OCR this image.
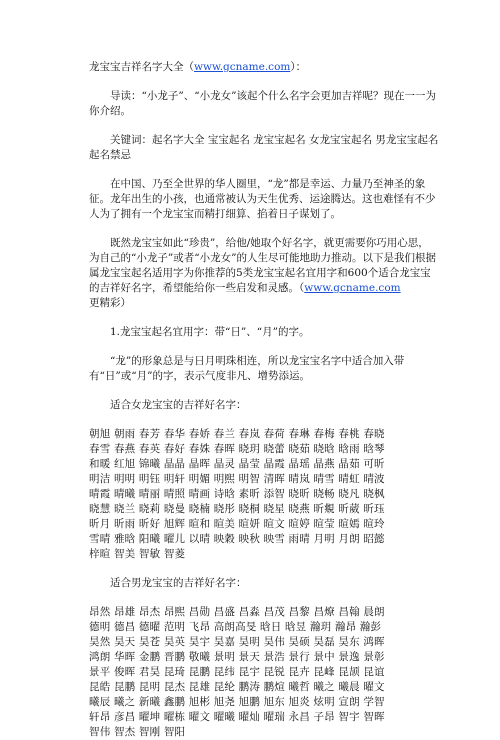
龙宝宝吉祥名字大全（www.gcname.com）：

导读：“小龙子”、“小龙女”该起个什么名字会更加吉祥呢？现在一一为你介绍。

关键词：起名字大全 宝宝起名 龙宝宝起名 女龙宝宝起名 男龙宝宝起名 起名禁忌

在中国、乃至全世界的华人圈里，“龙”都是幸运、力量乃至神圣的象征。龙年出生的小孩，也通常被认为天生优秀、运途腾达。这也难怪有不少人为了拥有一个龙宝宝而精打细算、掐着日子谋划了。

既然龙宝宝如此“珍贵”，给他/她取个好名字，就更需要你巧用心思，为自己的“小龙子”或者“小龙女”的人生尽可能地助力推动。以下是我们根据属龙宝宝起名适用字为你推荐的5类龙宝宝起名宜用字和600个适合龙宝宝的吉祥好名字，希望能给你一些启发和灵感。（www.gcname.com更精彩）

1.龙宝宝起名宜用字：带“日”、“月”的字。

“龙”的形象总是与日月明珠相连，所以龙宝宝名字中适合加入带有“日”或“月”的字，表示气度非凡、增势添运。

适合女龙宝宝的吉祥好名字：

朝旭 朝雨 春芳 春华 春娇 春兰 春岚 春荷 春琳 春梅 春桃 春晓

春雪 春燕 春英 春好 春姝 春晖 晓玥 晓蕾 晓茹 晓晗 晗雨 晗琴

和暖 红旭 锦曦 晶晶 晶晖 晶灵 晶莹 晶霞 晶瑶 晶燕 晶茹 可昕

明洁 明明 明钰 明轩 明媚 明熙 明智 清晖 晴岚 晴雪 晴虹 晴波

晴霞 晴曦 晴丽 晴照 晴画 诗晗 素昕 添智 晓昕 晓畅 晓凡 晓枫

晓慧 晓兰 晓莉 晓曼 晓楠 晓彤 晓桐 晓星 晓燕 昕覜 昕葳 昕珏

昕月 昕雨 昕好 旭辉 暄和 暄美 暄妍 暄文 暄婷 暄莹 暄嫣 暄玲

雪晴 雅晗 阳曦 曜儿 以晴 映穀 映秋 映雪 雨晴 月明 月朗 昭懿

梓暄 智美 智敏 智菱

适合男龙宝宝的吉祥好名字：

昂然 昂雄 昂杰 昂熙 昌勋 昌盛 昌淼 昌茂 昌黎 昌燎 昌翰 晨朗

德明 德昌 德曜 范明 飞昂 高朗高旻 晗日 晗昱 瀚玥 瀚昂 瀚彭

昊然 昊天 昊苍 昊英 昊宇 昊嘉 昊明 昊伟 昊硕 昊磊 昊东 鸿晖

鸿朗 华晖 金鹏 晋鹏 敬曦 景明 景天 景浩 景行 景中 景逸 景彰

景平 俊晖 君昊 昆琦 昆鹏 昆纬 昆宇 昆锐 昆卉 昆峰 昆颉 昆谊

昆皓 昆鹏 昆明 昆杰 昆雄 昆纶 鹏涛 鹏煊 曦哲 曦之 曦晨 曜文

曦辰 曦之 新曦 鑫鹏 旭彬 旭尧 旭鹏 旭东 旭炎 炫明 宣朗 学智

轩昂 彦昌 曜坤 曜栋 曜文 曜曦 曜灿 曜瑞 永昌 子昂 智宇 智晖

智伟 智杰 智刚 智阳
